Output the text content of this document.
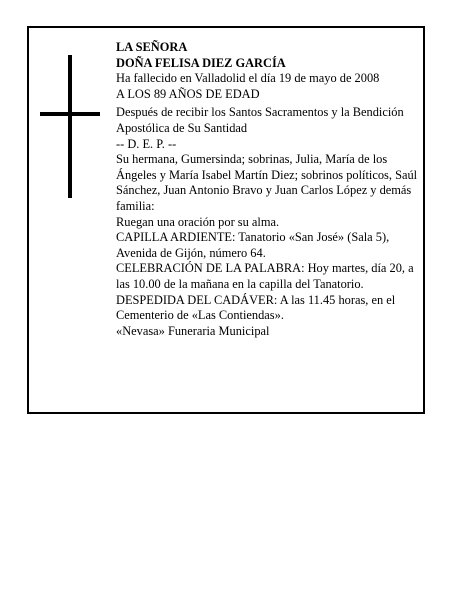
LA SEÑORA

DOÑA FELISA DIEZ GARCÍA

Ha fallecido en Valladolid el día 19 de mayo de 2008

A LOS 89 AÑOS DE EDAD

Después de recibir los Santos Sacramentos y la Bendición Apostólica de Su Santidad

-- D. E. P. --

Su hermana, Gumersinda; sobrinas, Julia, María de los Ángeles y María Isabel Martín Diez; sobrinos políticos, Saúl Sánchez, Juan Antonio Bravo y Juan Carlos López y demás familia:

Ruegan una oración por su alma.

CAPILLA ARDIENTE: Tanatorio «San José» (Sala 5), Avenida de Gijón, número 64.

CELEBRACIÓN DE LA PALABRA: Hoy martes, día 20, a las 10.00 de la mañana en la capilla del Tanatorio.

DESPEDIDA DEL CADÁVER: A las 11.45 horas, en el Cementerio de «Las Contiendas».

«Nevasa» Funeraria Municipal
